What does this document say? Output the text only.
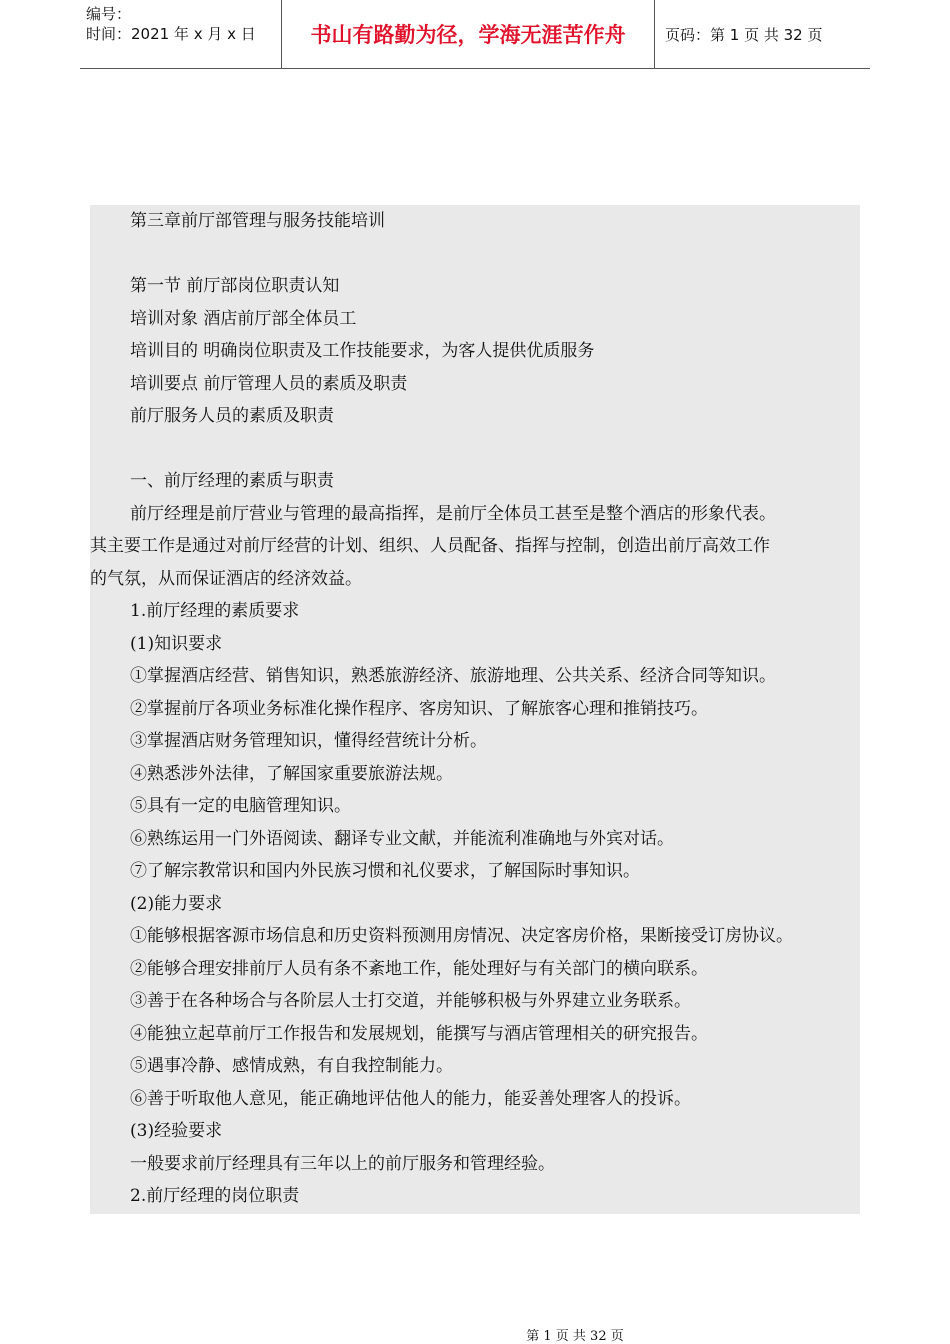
编号：
时间：2021 年 x 月 x 日	书山有路勤为径，学海无涯苦作舟	页码：第 1 页 共 32 页
第三章前厅部管理与服务技能培训
第一节 前厅部岗位职责认知
培训对象 酒店前厅部全体员工
培训目的 明确岗位职责及工作技能要求，为客人提供优质服务
培训要点 前厅管理人员的素质及职责
前厅服务人员的素质及职责
一、前厅经理的素质与职责
前厅经理是前厅营业与管理的最高指挥，是前厅全体员工甚至是整个酒店的形象代表。
其主要工作是通过对前厅经营的计划、组织、人员配备、指挥与控制，创造出前厅高效工作
的气氛，从而保证酒店的经济效益。
1.前厅经理的素质要求
(1)知识要求
①掌握酒店经营、销售知识，熟悉旅游经济、旅游地理、公共关系、经济合同等知识。
②掌握前厅各项业务标准化操作程序、客房知识、了解旅客心理和推销技巧。
③掌握酒店财务管理知识，懂得经营统计分析。
④熟悉涉外法律，了解国家重要旅游法规。
⑤具有一定的电脑管理知识。
⑥熟练运用一门外语阅读、翻译专业文献，并能流利准确地与外宾对话。
⑦了解宗教常识和国内外民族习惯和礼仪要求，了解国际时事知识。
(2)能力要求
①能够根据客源市场信息和历史资料预测用房情况、决定客房价格，果断接受订房协议。
②能够合理安排前厅人员有条不紊地工作，能处理好与有关部门的横向联系。
③善于在各种场合与各阶层人士打交道，并能够积极与外界建立业务联系。
④能独立起草前厅工作报告和发展规划，能撰写与酒店管理相关的研究报告。
⑤遇事冷静、感情成熟，有自我控制能力。
⑥善于听取他人意见，能正确地评估他人的能力，能妥善处理客人的投诉。
(3)经验要求
一般要求前厅经理具有三年以上的前厅服务和管理经验。
2.前厅经理的岗位职责
第 1 页 共 32 页
